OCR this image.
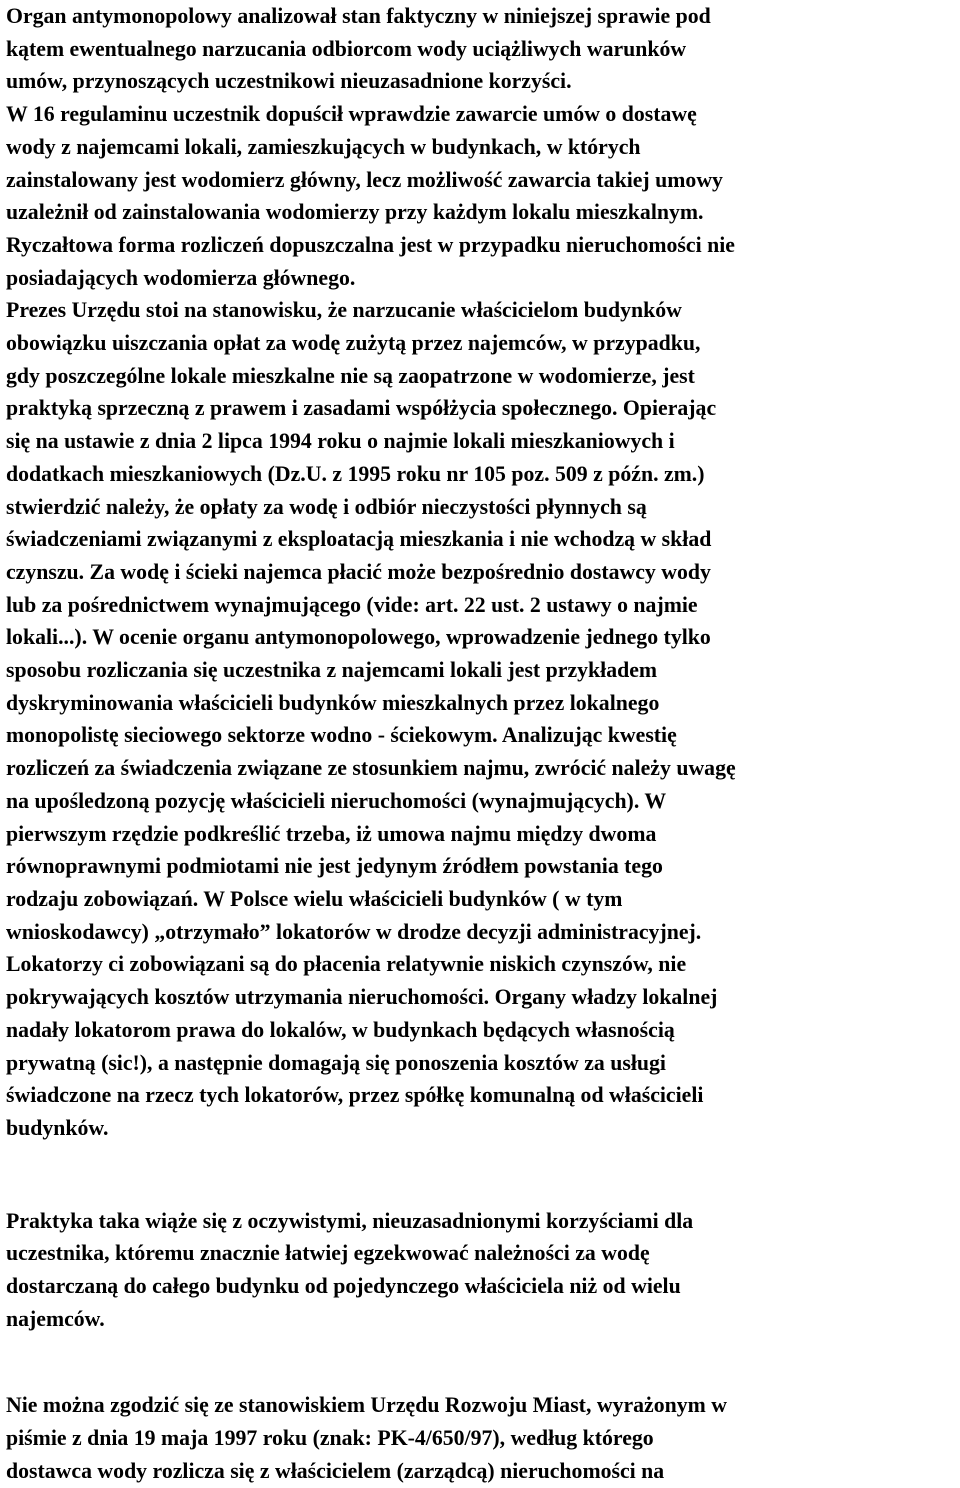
Organ antymonopolowy analizował stan faktyczny w niniejszej sprawie pod
kątem ewentualnego narzucania odbiorcom wody uciążliwych warunków
umów, przynoszących uczestnikowi nieuzasadnione korzyści.
W 16 regulaminu uczestnik dopuścił wprawdzie zawarcie umów o dostawę
wody z najemcami lokali, zamieszkujących w budynkach, w których
zainstalowany jest wodomierz główny, lecz możliwość zawarcia takiej umowy
uzależnił od zainstalowania wodomierzy przy każdym lokalu mieszkalnym.
Ryczałtowa forma rozliczeń dopuszczalna jest w przypadku nieruchomości nie
posiadających wodomierza głównego.
Prezes Urzędu stoi na stanowisku, że narzucanie właścicielom budynków
obowiązku uiszczania opłat za wodę zużytą przez najemców, w przypadku,
gdy poszczególne lokale mieszkalne nie są zaopatrzone w wodomierze, jest
praktyką sprzeczną z prawem i zasadami współżycia społecznego. Opierając
się na ustawie z dnia 2 lipca 1994 roku o najmie lokali mieszkaniowych i
dodatkach mieszkaniowych (Dz.U. z 1995 roku nr 105 poz. 509 z późn. zm.)
stwierdzić należy, że opłaty za wodę i odbiór nieczystości płynnych są
świadczeniami związanymi z eksploatacją mieszkania i nie wchodzą w skład
czynszu. Za wodę i ścieki najemca płacić może bezpośrednio dostawcy wody
lub za pośrednictwem wynajmującego (vide: art. 22 ust. 2 ustawy o najmie
lokali...). W ocenie organu antymonopolowego, wprowadzenie jednego tylko
sposobu rozliczania się uczestnika z najemcami lokali jest przykładem
dyskryminowania właścicieli budynków mieszkalnych przez lokalnego
monopolistę sieciowego sektorze wodno - ściekowym. Analizując kwestię
rozliczeń za świadczenia związane ze stosunkiem najmu, zwrócić należy uwagę
na upośledzoną pozycję właścicieli nieruchomości (wynajmujących). W
pierwszym rzędzie podkreślić trzeba, iż umowa najmu między dwoma
równoprawnymi podmiotami nie jest jedynym źródłem powstania tego
rodzaju zobowiązań. W Polsce wielu właścicieli budynków ( w tym
wnioskodawcy) „otrzymało” lokatorów w drodze decyzji administracyjnej.
Lokatorzy ci zobowiązani są do płacenia relatywnie niskich czynszów, nie
pokrywających kosztów utrzymania nieruchomości. Organy władzy lokalnej
nadały lokatorom prawa do lokalów, w budynkach będących własnością
prywatną (sic!), a następnie domagają się ponoszenia kosztów za usługi
świadczone na rzecz tych lokatorów, przez spółkę komunalną od właścicieli
budynków.
Praktyka taka wiąże się z oczywistymi, nieuzasadnionymi korzyściami dla
uczestnika, któremu znacznie łatwiej egzekwować należności za wodę
dostarczaną do całego budynku od pojedynczego właściciela niż od wielu
najemców.
Nie można zgodzić się ze stanowiskiem Urzędu Rozwoju Miast, wyrażonym w
piśmie z dnia 19 maja 1997 roku (znak: PK-4/650/97), według którego
dostawca wody rozlicza się z właścicielem (zarządcą) nieruchomości na
